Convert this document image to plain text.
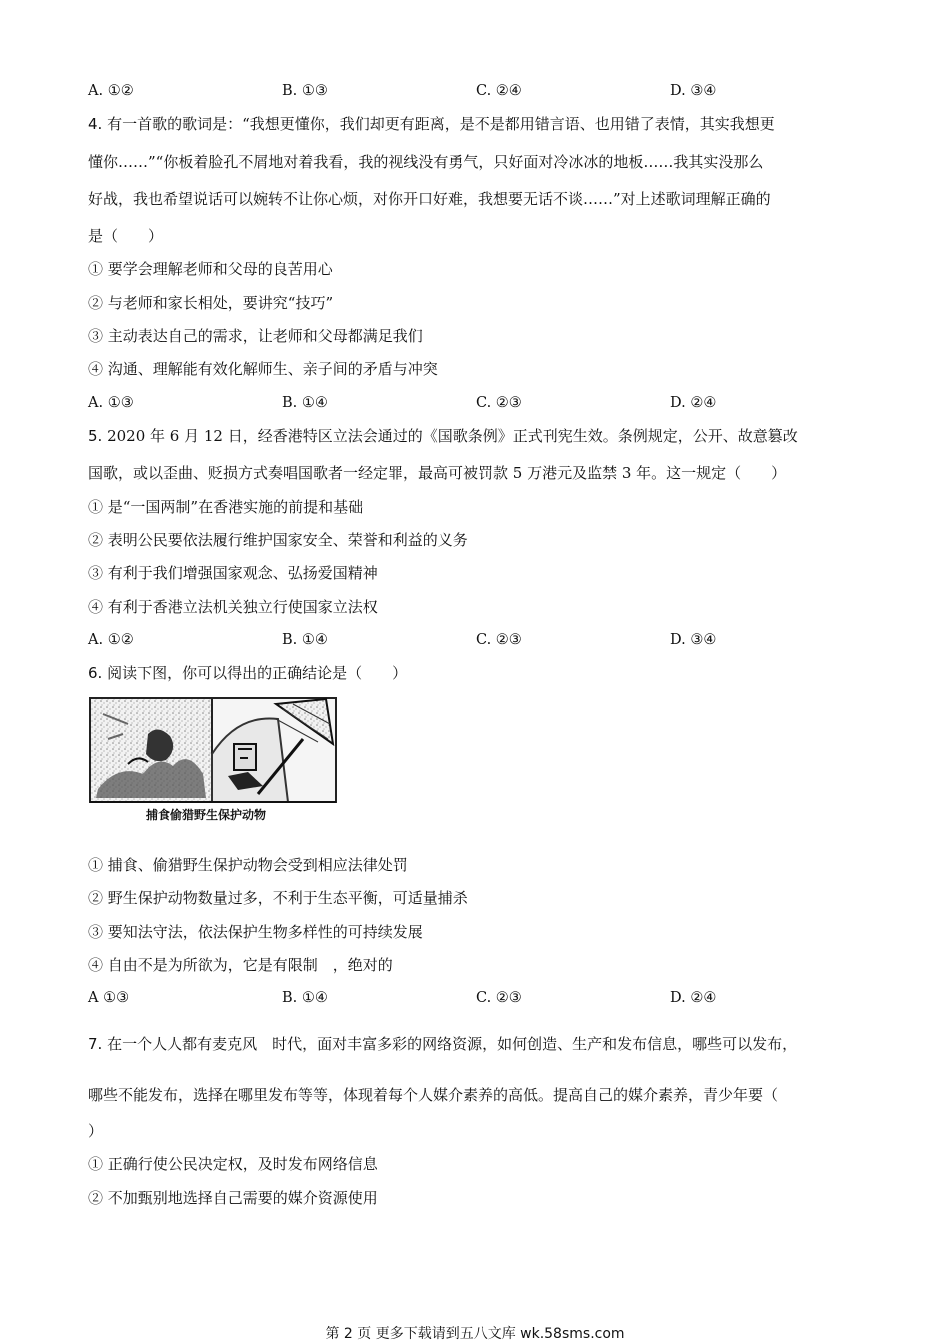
A. ①②	B. ①③	C. ②④	D. ③④
4. 有一首歌的歌词是：“我想更懂你，我们却更有距离，是不是都用错言语、也用错了表情，其实我想更
懂你……”“你板着脸孔不屑地对着我看，我的视线没有勇气，只好面对冷冰冰的地板……我其实没那么
好战，我也希望说话可以婉转不让你心烦，对你开口好难，我想要无话不谈……”对上述歌词理解正确的
是（　　）
① 要学会理解老师和父母的良苦用心
② 与老师和家长相处，要讲究“技巧”
③ 主动表达自己的需求，让老师和父母都满足我们
④ 沟通、理解能有效化解师生、亲子间的矛盾与冲突
A. ①③	B. ①④	C. ②③	D. ②④
5. 2020 年 6 月 12 日，经香港特区立法会通过的《国歌条例》正式刊宪生效。条例规定，公开、故意篡改
国歌，或以歪曲、贬损方式奏唱国歌者一经定罪，最高可被罚款 5 万港元及监禁 3 年。这一规定（　　）
① 是“一国两制”在香港实施的前提和基础
② 表明公民要依法履行维护国家安全、荣誉和利益的义务
③ 有利于我们增强国家观念、弘扬爱国精神
④ 有利于香港立法机关独立行使国家立法权
A. ①②	B. ①④	C. ②③	D. ③④
6. 阅读下图，你可以得出的正确结论是（　　）
捕食偷猎野生保护动物
① 捕食、偷猎野生保护动物会受到相应法律处罚
② 野生保护动物数量过多，不利于生态平衡，可适量捕杀
③ 要知法守法，依法保护生物多样性的可持续发展
④ 自由不是为所欲为，它是有限制　，绝对的
A ①③	B. ①④	C. ②③	D. ②④
7. 在一个人人都有麦克风　时代，面对丰富多彩的网络资源，如何创造、生产和发布信息，哪些可以发布，
哪些不能发布，选择在哪里发布等等，体现着每个人媒介素养的高低。提高自己的媒介素养，青少年要（
）
① 正确行使公民决定权，及时发布网络信息
② 不加甄别地选择自己需要的媒介资源使用
第 2 页 更多下载请到五八文库 wk.58sms.com
